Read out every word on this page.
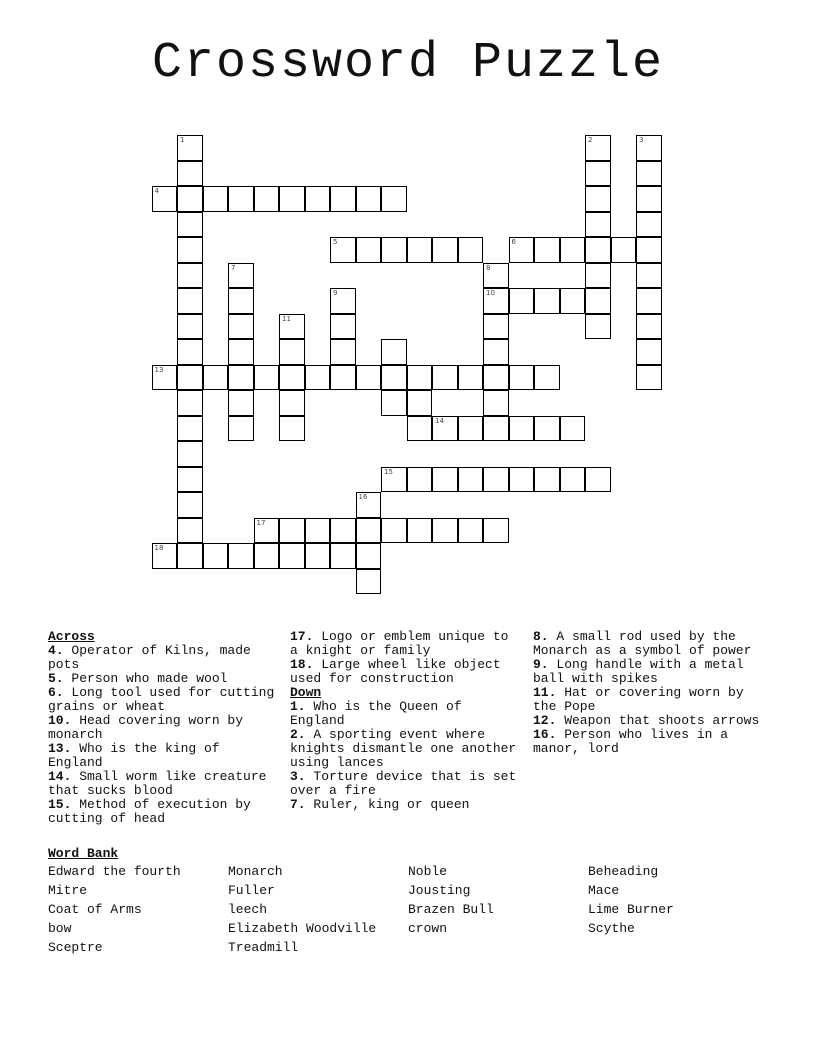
Crossword Puzzle
1
4
5	6
7
11
9
8
10
2	3
13
14
15
16
17
18
Across
4. Operator of Kilns, made pots
5. Person who made wool
6. Long tool used for cutting grains or wheat
10. Head covering worn by monarch
13. Who is the king of England
14. Small worm like creature that sucks blood
15. Method of execution by cutting of head
17. Logo or emblem unique to a knight or family
18. Large wheel like object used for construction
Down
1. Who is the Queen of England
2. A sporting event where knights dismantle one another using lances
3. Torture device that is set over a fire
7. Ruler, king or queen
8. A small rod used by the Monarch as a symbol of power
9. Long handle with a metal ball with spikes
11. Hat or covering worn by the Pope
12. Weapon that shoots arrows
16. Person who lives in a manor, lord
Word Bank
Edward the fourth
Mitre
Coat of Arms
bow
Sceptre
Monarch
Fuller
leech
Elizabeth Woodville
Treadmill
Noble
Jousting
Brazen Bull
crown
Beheading
Mace
Lime Burner
Scythe
